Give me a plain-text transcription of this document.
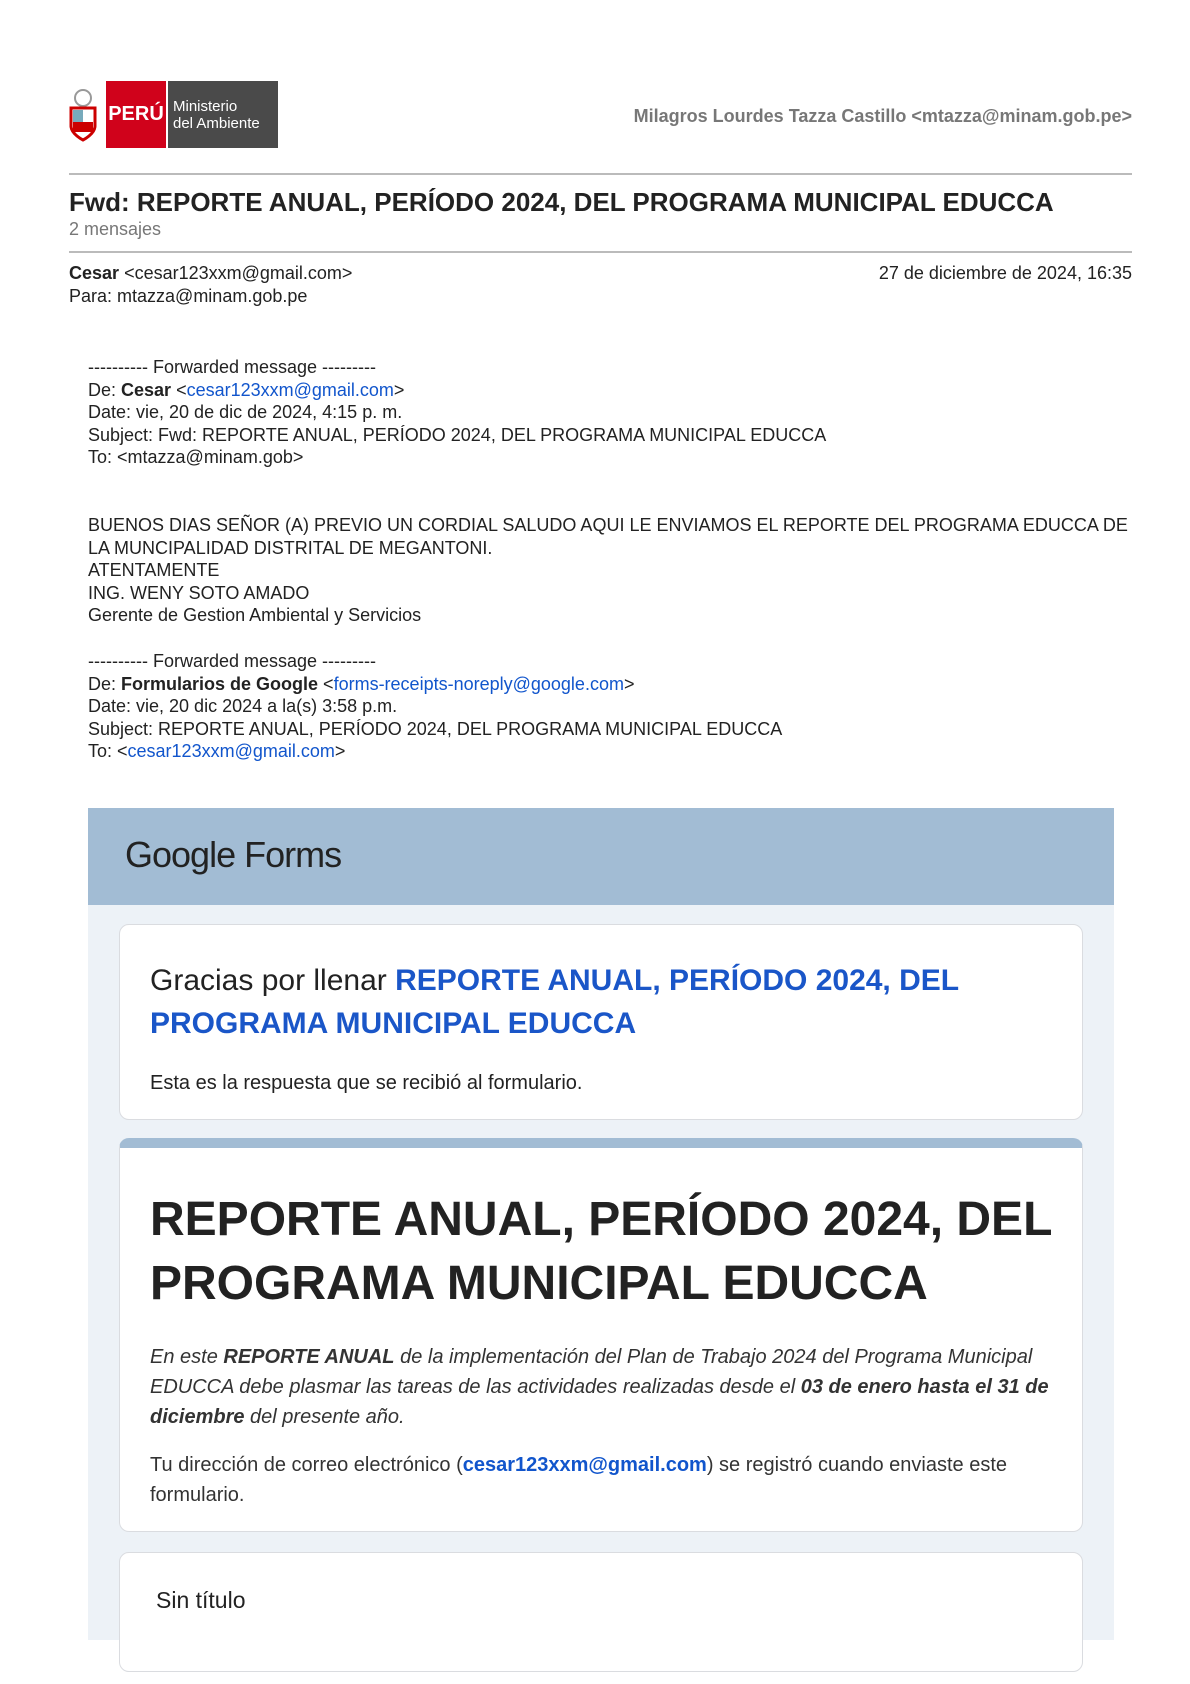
PERÚ Ministerio
del Ambiente	Milagros Lourdes Tazza Castillo <mtazza@minam.gob.pe>
Fwd: REPORTE ANUAL, PERÍODO 2024, DEL PROGRAMA MUNICIPAL EDUCCA
2 mensajes
Cesar <cesar123xxm@gmail.com>
Para: mtazza@minam.gob.pe
27 de diciembre de 2024, 16:35
---------- Forwarded message ---------
De: Cesar <cesar123xxm@gmail.com>
Date: vie, 20 de dic de 2024, 4:15 p. m.
Subject: Fwd: REPORTE ANUAL, PERÍODO 2024, DEL PROGRAMA MUNICIPAL EDUCCA
To: <mtazza@minam.gob>
BUENOS DIAS SEÑOR (A) PREVIO UN CORDIAL SALUDO AQUI LE ENVIAMOS EL REPORTE DEL PROGRAMA EDUCCA DE LA MUNCIPALIDAD DISTRITAL DE MEGANTONI.
ATENTAMENTE
ING. WENY SOTO AMADO
Gerente de Gestion Ambiental y Servicios
---------- Forwarded message ---------
De: Formularios de Google <forms-receipts-noreply@google.com>
Date: vie, 20 dic 2024 a la(s) 3:58 p.m.
Subject: REPORTE ANUAL, PERÍODO 2024, DEL PROGRAMA MUNICIPAL EDUCCA
To: <cesar123xxm@gmail.com>
Google Forms
Gracias por llenar REPORTE ANUAL, PERÍODO 2024, DEL PROGRAMA MUNICIPAL EDUCCA

Esta es la respuesta que se recibió al formulario.

REPORTE ANUAL, PERÍODO 2024, DEL PROGRAMA MUNICIPAL EDUCCA

En este REPORTE ANUAL de la implementación del Plan de Trabajo 2024 del Programa Municipal EDUCCA debe plasmar las tareas de las actividades realizadas desde el 03 de enero hasta el 31 de diciembre del presente año.

Tu dirección de correo electrónico (cesar123xxm@gmail.com) se registró cuando enviaste este formulario.

Sin título
